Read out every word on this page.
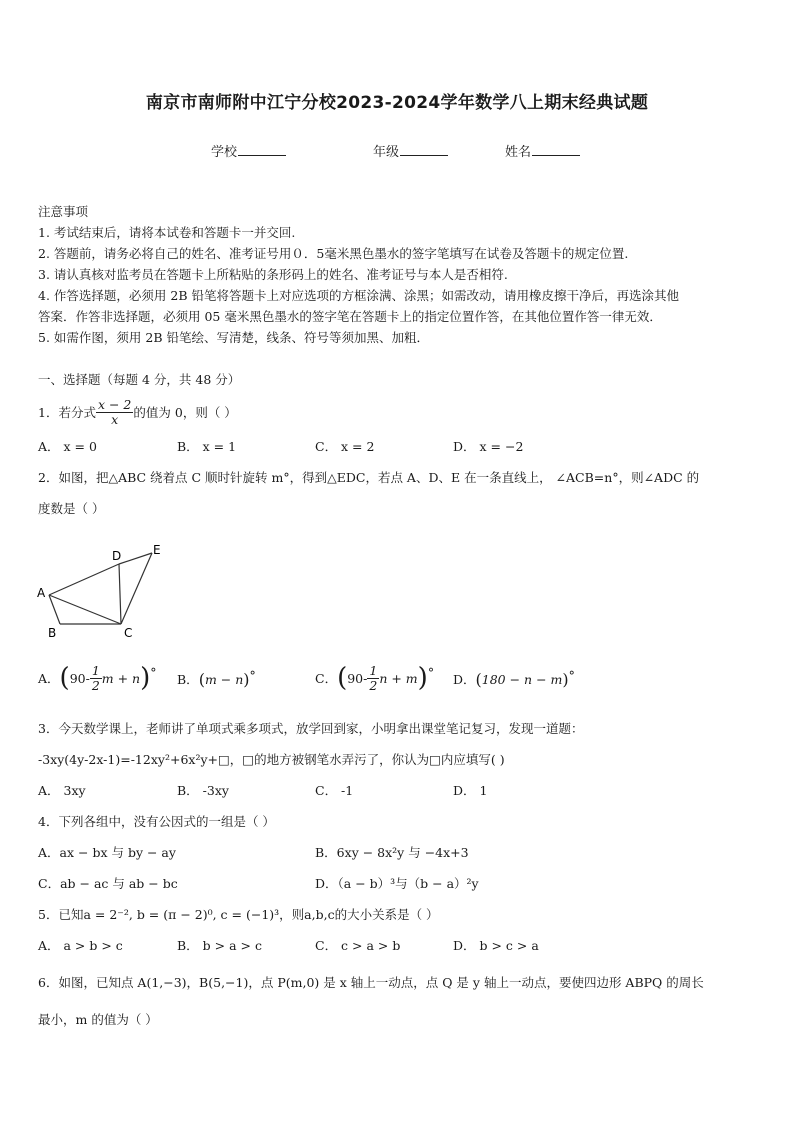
南京市南师附中江宁分校2023-2024学年数学八上期末经典试题
学校	年级	姓名
注意事项
1. 考试结束后，请将本试卷和答题卡一并交回.
2. 答题前，请务必将自己的姓名、准考证号用０．5毫米黑色墨水的签字笔填写在试卷及答题卡的规定位置.
3. 请认真核对监考员在答题卡上所粘贴的条形码上的姓名、准考证号与本人是否相符.
4. 作答选择题，必须用 2B 铅笔将答题卡上对应选项的方框涂满、涂黑；如需改动，请用橡皮擦干净后，再选涂其他
答案．作答非选择题，必须用 05 毫米黑色墨水的签字笔在答题卡上的指定位置作答，在其他位置作答一律无效．
5. 如需作图，须用 2B 铅笔绘、写清楚，线条、符号等须加黑、加粗．
一、选择题（每题 4 分，共 48 分）
1．若分式 $\frac{x - 2}{x}$ 的值为 0，则（ ）
A． x = 0	B． x = 1	C． x = 2	D． x = −2
2．如图，把△ABC 绕着点 C 顺时针旋转 m°，得到△EDC，若点 A、D、E 在一条直线上， ∠ACB=n°，则∠ADC 的
度数是（ ）
A
B	C
D	E
A． ( $90- \frac{1}{2}$ m + n ) ° B． ( m − n ) °	C． ( $90- \frac{1}{2}$ n + m ) ° D． ( 180 − n − m ) °
3．今天数学课上，老师讲了单项式乘多项式，放学回到家，小明拿出课堂笔记复习，发现一道题：
-3xy(4y-2x-1)=-12xy²+6x²y+□，□的地方被钢笔水弄污了，你认为□内应填写( )
A． 3xy	B． -3xy	C． -1	D． 1
4．下列各组中，没有公因式的一组是（ ）
A．ax − bx 与 by − ay	B．6xy − 8x²y 与 −4x+3
C．ab − ac 与 ab − bc	D．（a − b）³与（b − a）²y
5．已知a = 2⁻², b = (π − 2)⁰, c = (−1)³，则a,b,c的大小关系是（ ）
A． a > b > c	B． b > a > c	C． c > a > b	D． b > c > a
6．如图，已知点 A(1,−3)，B(5,−1)，点 P(m,0) 是 x 轴上一动点，点 Q 是 y 轴上一动点，要使四边形 ABPQ 的周长
最小，m 的值为（ ）
